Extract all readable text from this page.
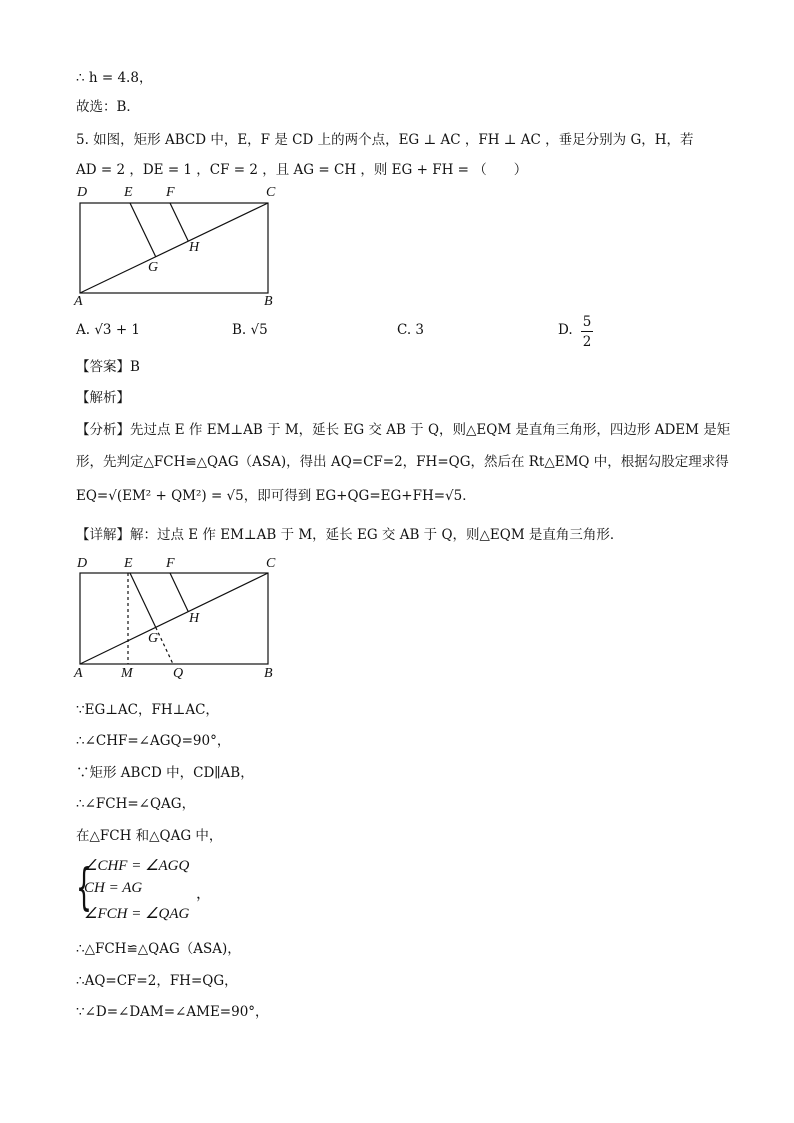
∴ h = 4.8，
故选：B．
5. 如图，矩形 ABCD 中，E，F 是 CD 上的两个点，EG ⊥ AC ，FH ⊥ AC ，垂足分别为 G，H，若
AD = 2 ，DE = 1 ，CF = 2 ，且 AG = CH ，则 EG + FH = （　　）
D	E F	C
H
G
A	B
A. √3 + 1	B. √5	C. 3	D. 5
2
【答案】B
【解析】
【分析】先过点 E 作 EM⊥AB 于 M，延长 EG 交 AB 于 Q，则△EQM 是直角三角形，四边形 ADEM 是矩
形，先判定△FCH≌△QAG（ASA)，得出 AQ=CF=2，FH=QG，然后在 Rt△EMQ 中，根据勾股定理求得
EQ=√(EM² + QM²) = √5，即可得到 EG+QG=EG+FH=√5．
【详解】解：过点 E 作 EM⊥AB 于 M，延长 EG 交 AB 于 Q，则△EQM 是直角三角形．
D	E F	C
H
G
A	M	Q	B
∵EG⊥AC，FH⊥AC，
∴∠CHF=∠AGQ=90°，
∵矩形 ABCD 中，CD∥AB，
∴∠FCH=∠QAG，
在△FCH 和△QAG 中，
{
∠CHF = ∠AGQ
CH = AG
∠FCH = ∠QAG
，
∴△FCH≌△QAG（ASA)，
∴AQ=CF=2，FH=QG，
∵∠D=∠DAM=∠AME=90°，
